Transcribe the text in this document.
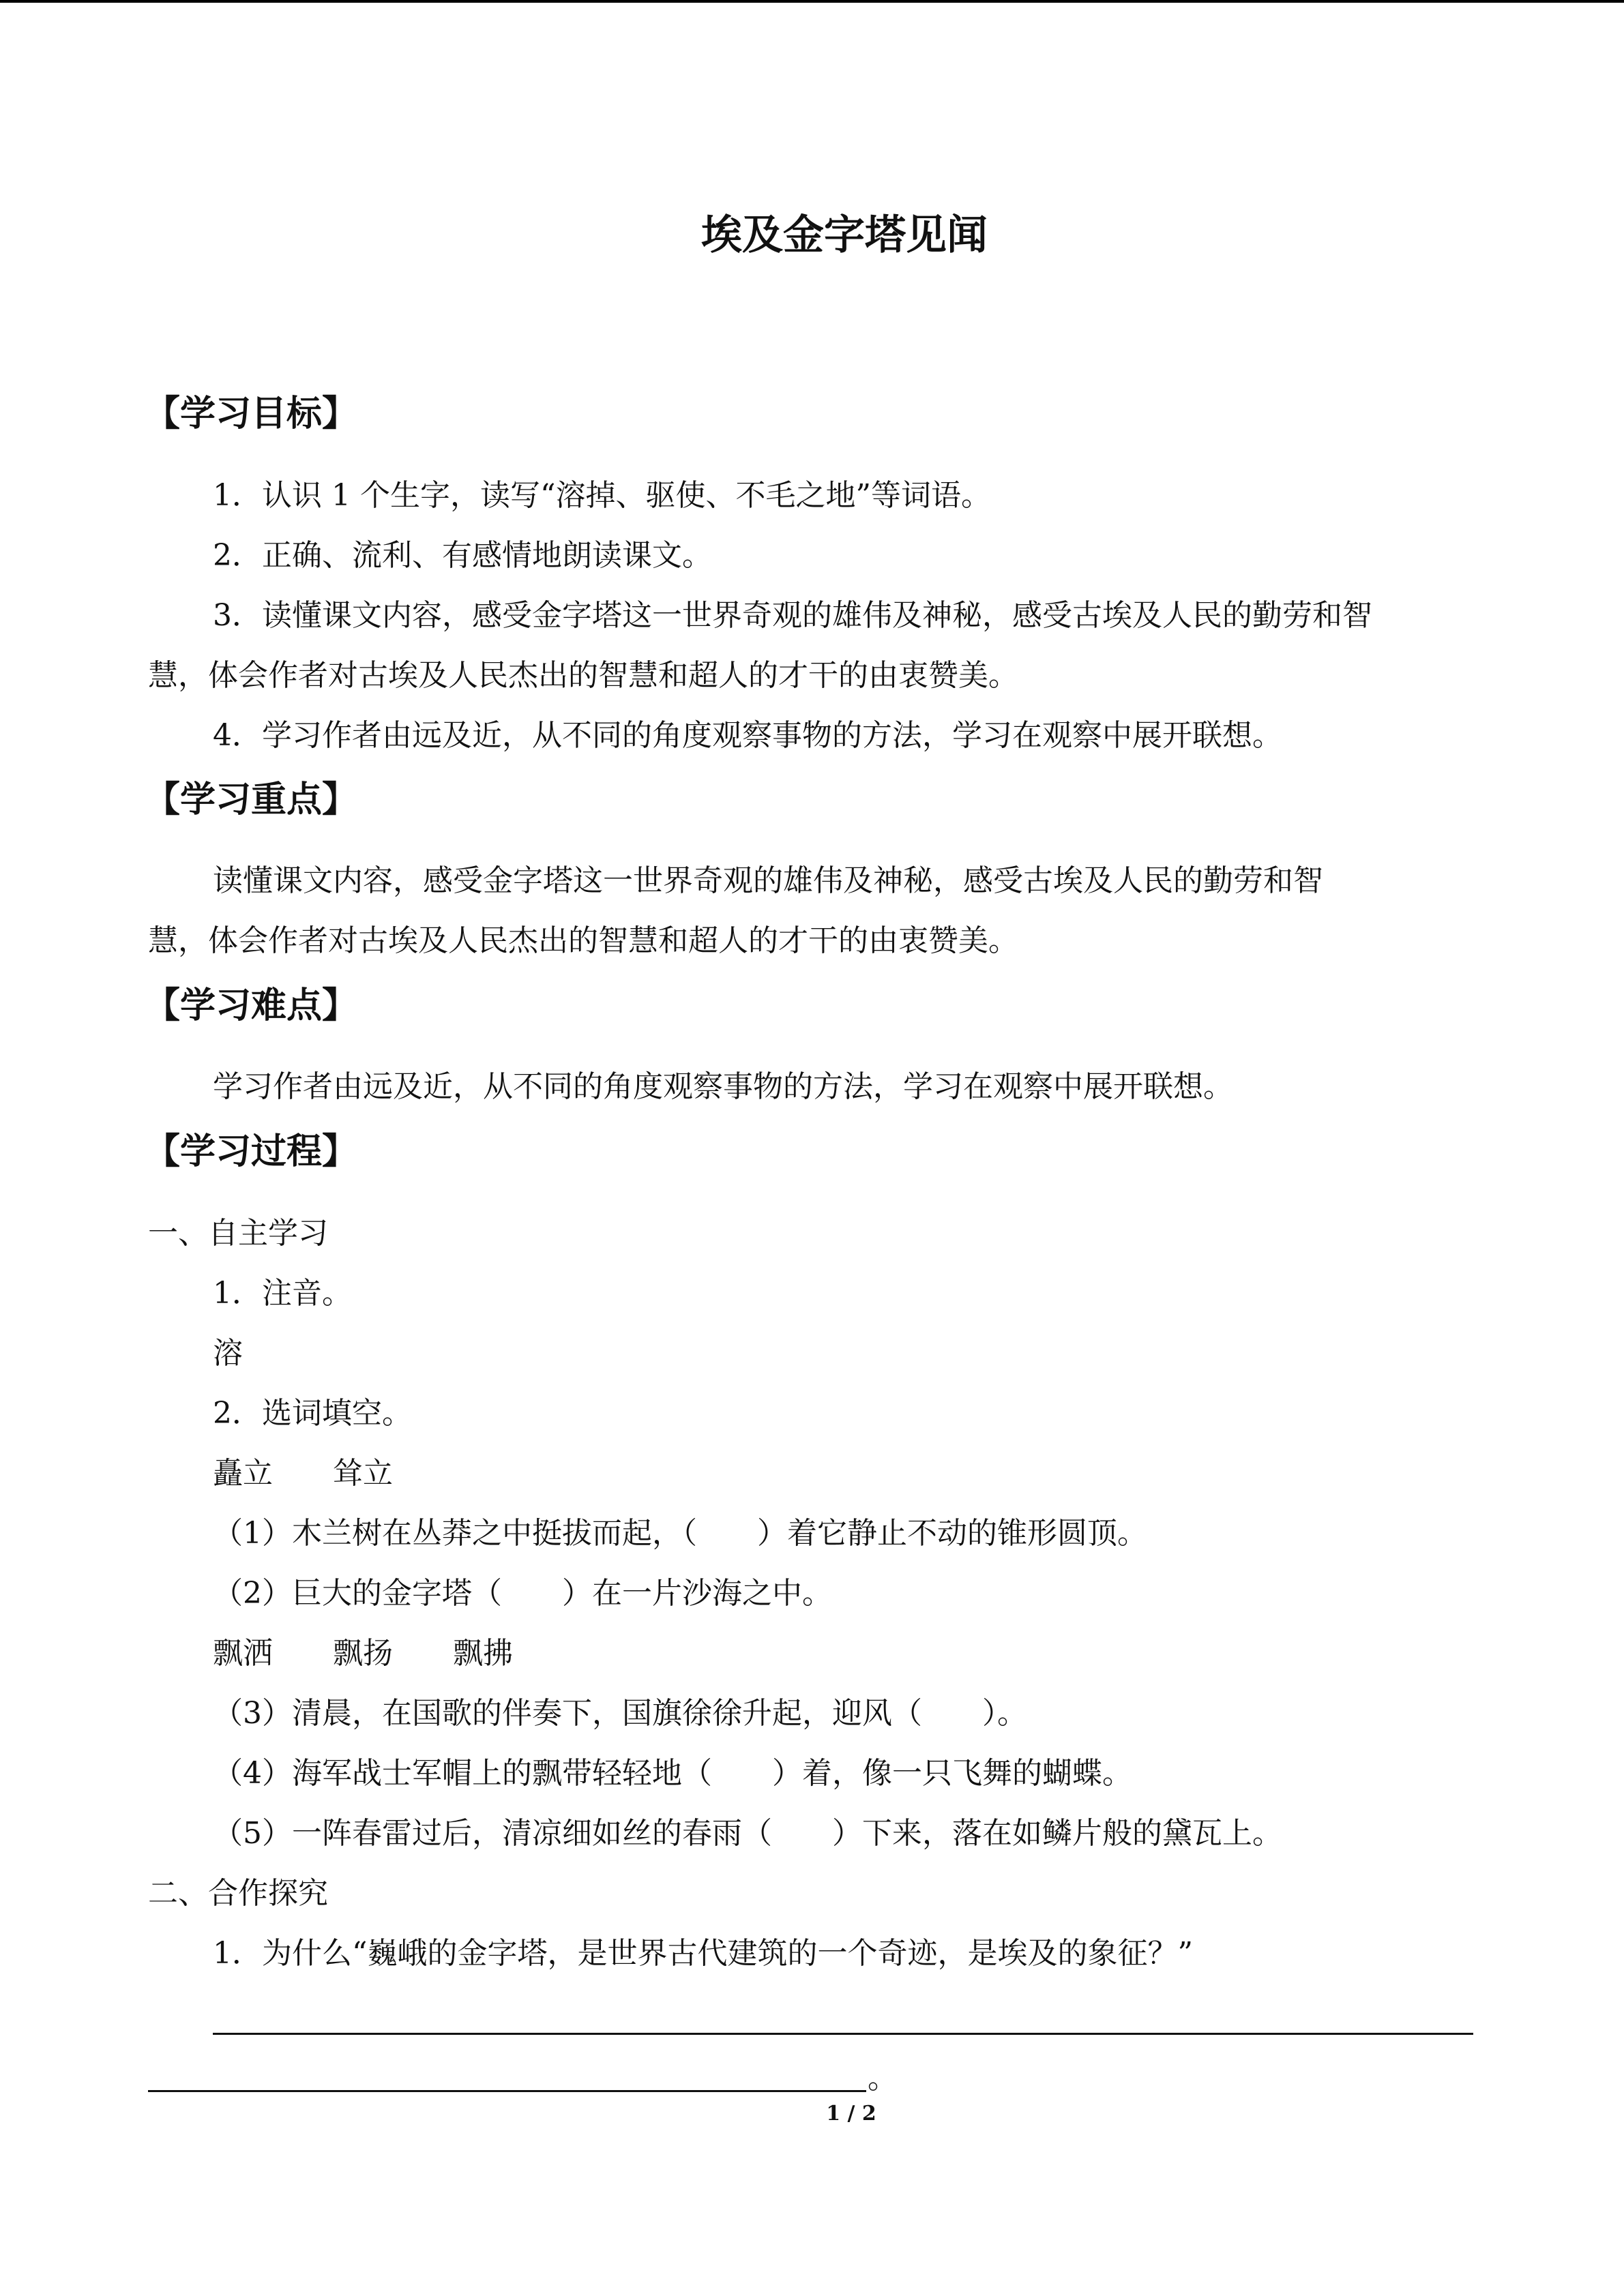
埃及金字塔见闻
【学习目标】
1．认识 1 个生字，读写“溶掉、驱使、不毛之地”等词语。
2．正确、流利、有感情地朗读课文。
3．读懂课文内容，感受金字塔这一世界奇观的雄伟及神秘，感受古埃及人民的勤劳和智
慧，体会作者对古埃及人民杰出的智慧和超人的才干的由衷赞美。
4．学习作者由远及近，从不同的角度观察事物的方法，学习在观察中展开联想。
【学习重点】
读懂课文内容，感受金字塔这一世界奇观的雄伟及神秘，感受古埃及人民的勤劳和智
慧，体会作者对古埃及人民杰出的智慧和超人的才干的由衷赞美。
【学习难点】
学习作者由远及近，从不同的角度观察事物的方法，学习在观察中展开联想。
【学习过程】
一、自主学习
1．注音。
溶
2．选词填空。
矗立　　耸立
（1）木兰树在丛莽之中挺拔而起，（　　）着它静止不动的锥形圆顶。
（2）巨大的金字塔（　　）在一片沙海之中。
飘洒　　飘扬　　飘拂
（3）清晨，在国歌的伴奏下，国旗徐徐升起，迎风（　　）。
（4）海军战士军帽上的飘带轻轻地（　　）着，像一只飞舞的蝴蝶。
（5）一阵春雷过后，清凉细如丝的春雨（　　）下来，落在如鳞片般的黛瓦上。
二、合作探究
1．为什么“巍峨的金字塔，是世界古代建筑的一个奇迹，是埃及的象征？”
。
1 / 2
